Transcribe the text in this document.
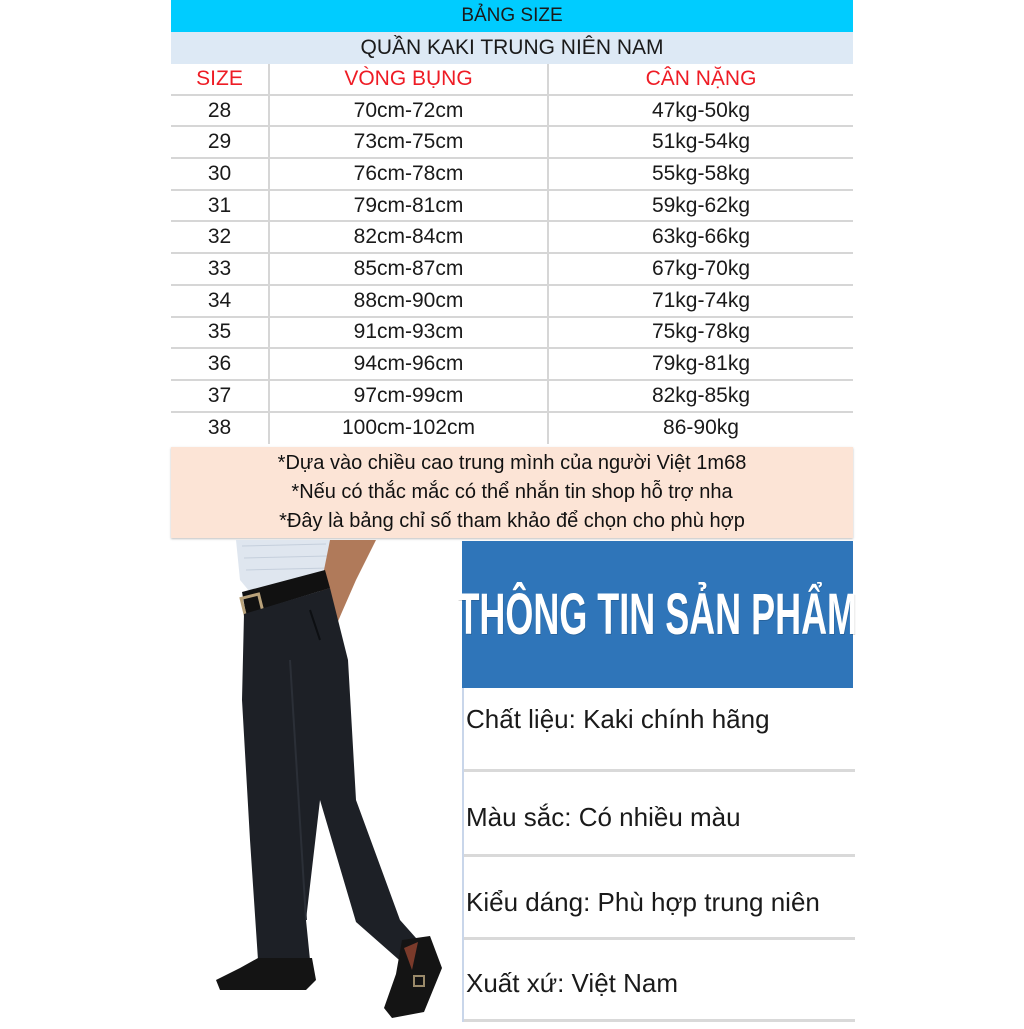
BẢNG SIZE
QUẦN KAKI TRUNG NIÊN NAM
SIZE	VÒNG BỤNG	CÂN NẶNG
28	70cm-72cm	47kg-50kg
29	73cm-75cm	51kg-54kg
30	76cm-78cm	55kg-58kg
31	79cm-81cm	59kg-62kg
32	82cm-84cm	63kg-66kg
33	85cm-87cm	67kg-70kg
34	88cm-90cm	71kg-74kg
35	91cm-93cm	75kg-78kg
36	94cm-96cm	79kg-81kg
37	97cm-99cm	82kg-85kg
38	100cm-102cm	86-90kg
*Dựa vào chiều cao trung mình của người Việt 1m68
*Nếu có thắc mắc có thể nhắn tin shop hỗ trợ nha
*Đây là bảng chỉ số tham khảo để chọn cho phù hợp
THÔNG TIN SẢN PHẨM
Chất liệu: Kaki chính hãng
Màu sắc: Có nhiều màu
Kiểu dáng: Phù hợp trung niên
Xuất xứ: Việt Nam
